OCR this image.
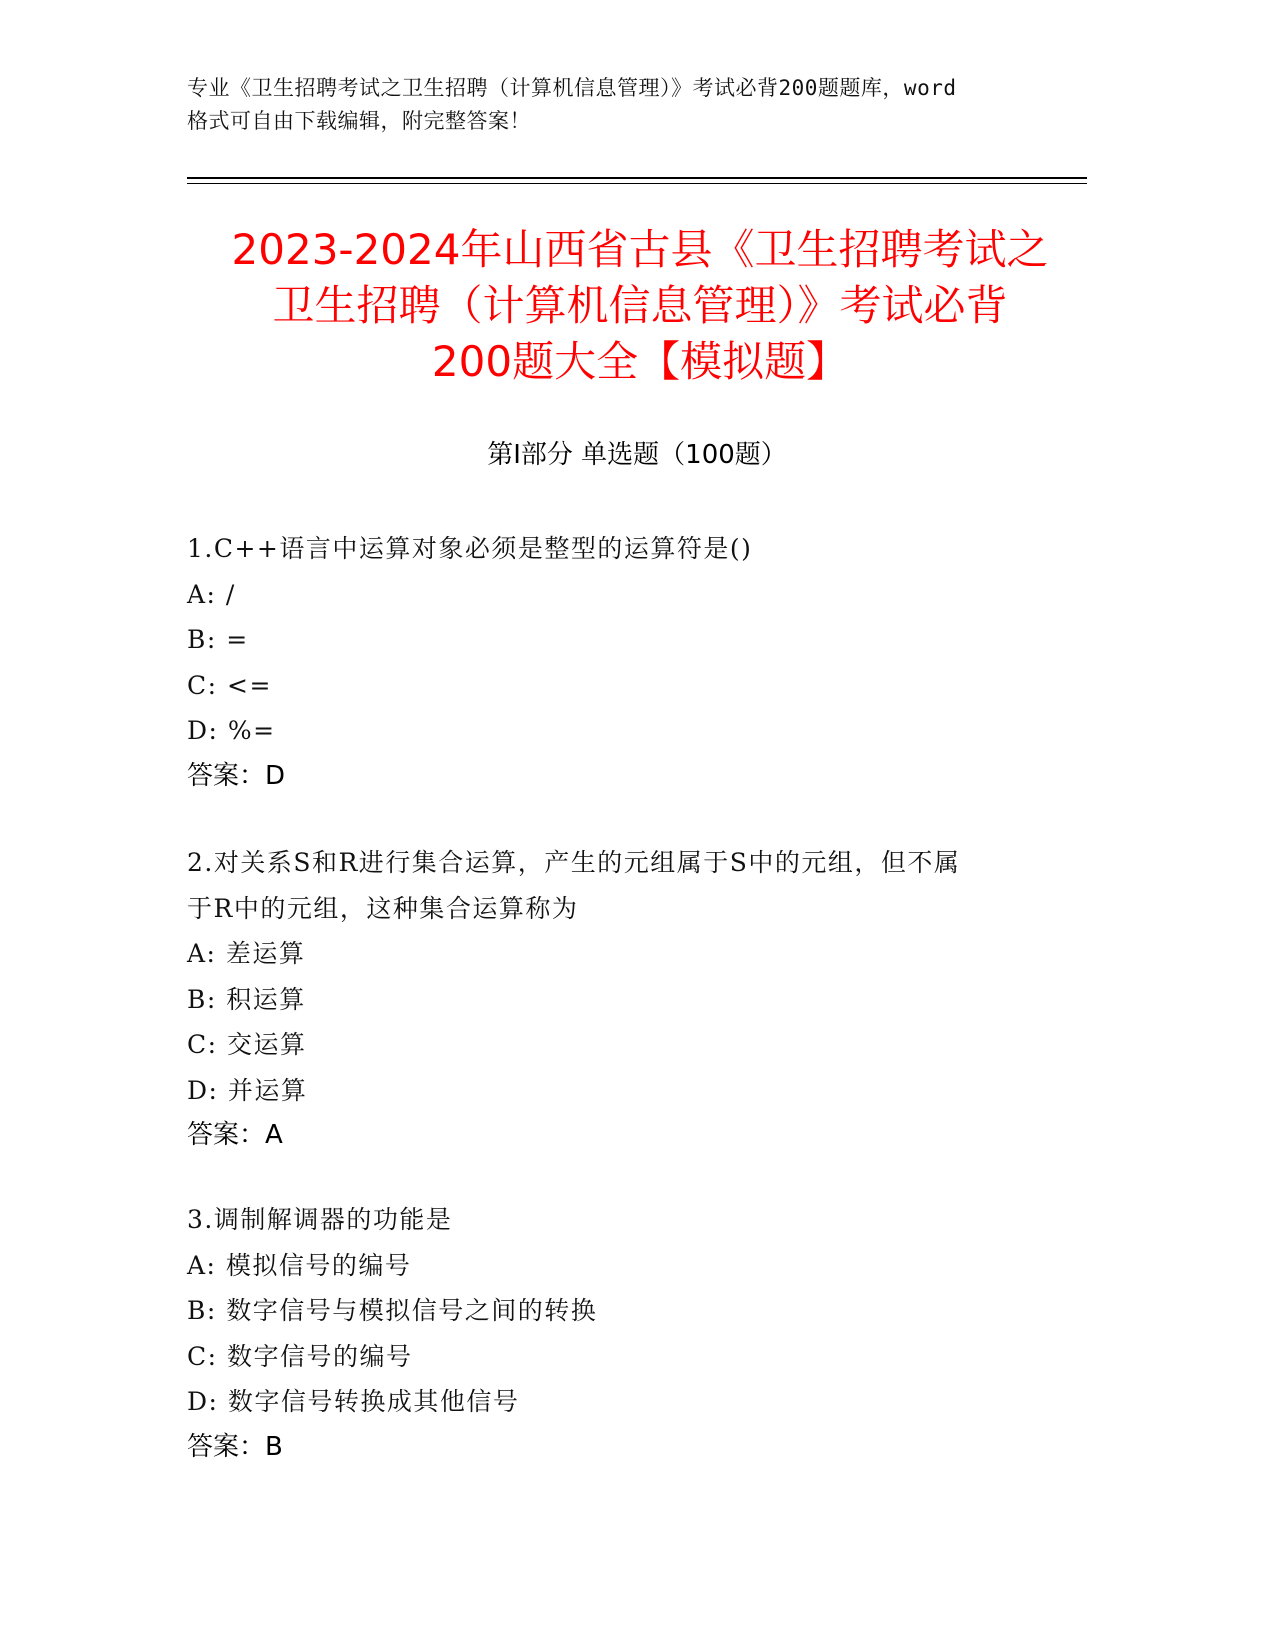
专业《卫生招聘考试之卫生招聘（计算机信息管理）》考试必背200题题库，word
格式可自由下载编辑，附完整答案！
2023-2024年山西省古县《卫生招聘考试之
卫生招聘（计算机信息管理）》考试必背
200题大全【模拟题】
第Ⅰ部分 单选题（100题）
1.C++语言中运算对象必须是整型的运算符是()
A: /
B: =
C: <=
D: %=
答案：D
2.对关系S和R进行集合运算，产生的元组属于S中的元组，但不属
于R中的元组，这种集合运算称为
A: 差运算
B: 积运算
C: 交运算
D: 并运算
答案：A
3.调制解调器的功能是
A: 模拟信号的编号
B: 数字信号与模拟信号之间的转换
C: 数字信号的编号
D: 数字信号转换成其他信号
答案：B
